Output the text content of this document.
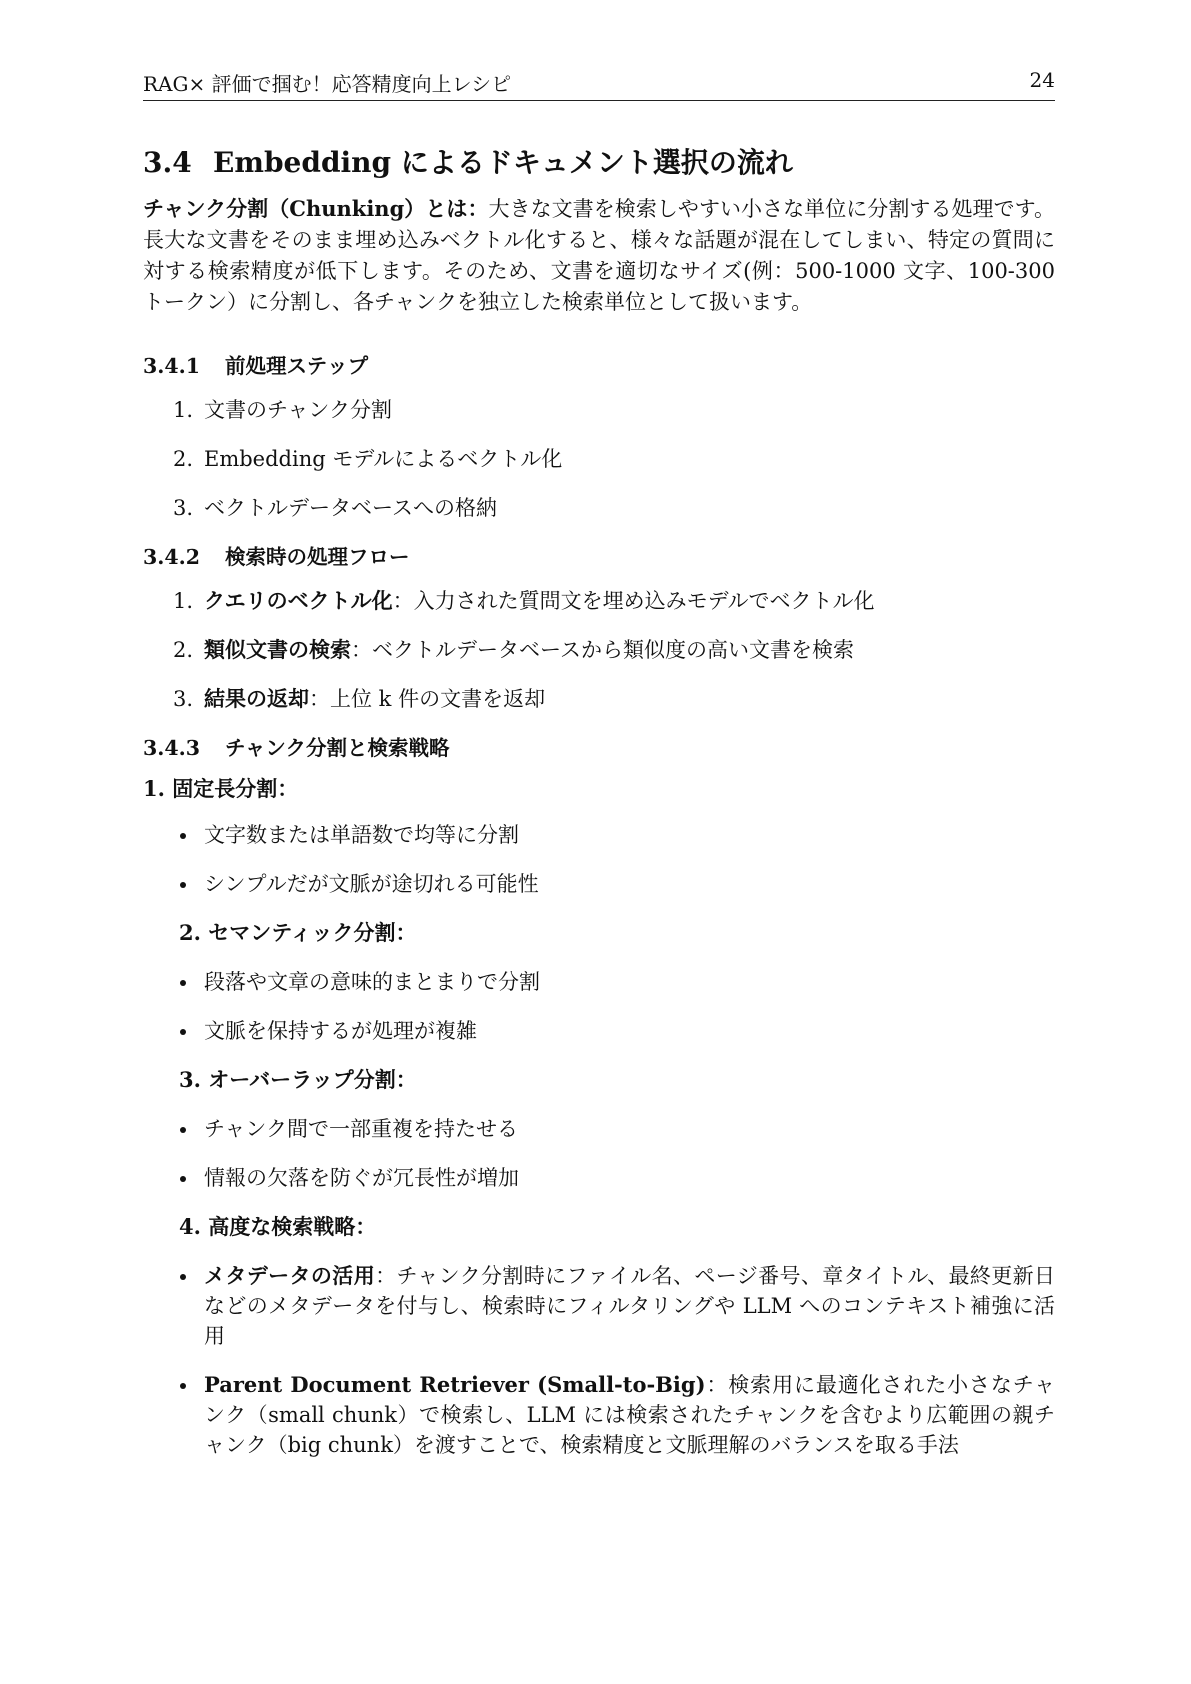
RAG× 評価で掴む！応答精度向上レシピ	24
3.4 Embedding によるドキュメント選択の流れ

チャンク分割（Chunking）とは：大きな文書を検索しやすい小さな単位に分割する処理です。長大な文書をそのまま埋め込みベクトル化すると、様々な話題が混在してしまい、特定の質問に対する検索精度が低下します。そのため、文書を適切なサイズ(例：500-1000 文字、100-300 トークン）に分割し、各チャンクを独立した検索単位として扱います。

3.4.1 前処理ステップ
1. 文書のチャンク分割
2. Embedding モデルによるベクトル化
3. ベクトルデータベースへの格納
3.4.2 検索時の処理フロー
1. クエリのベクトル化：入力された質問文を埋め込みモデルでベクトル化
2. 類似文書の検索：ベクトルデータベースから類似度の高い文書を検索
3. 結果の返却：上位 k 件の文書を返却
3.4.3 チャンク分割と検索戦略
1. 固定長分割：
文字数または単語数で均等に分割
シンプルだが文脈が途切れる可能性
2. セマンティック分割：
段落や文章の意味的まとまりで分割
文脈を保持するが処理が複雑
3. オーバーラップ分割：
チャンク間で一部重複を持たせる
情報の欠落を防ぐが冗長性が増加
4. 高度な検索戦略：
メタデータの活用：チャンク分割時にファイル名、ページ番号、章タイトル、最終更新日などのメタデータを付与し、検索時にフィルタリングや LLM へのコンテキスト補強に活用
Parent Document Retriever (Small-to-Big)：検索用に最適化された小さなチャンク（small chunk）で検索し、LLM には検索されたチャンクを含むより広範囲の親チャンク（big chunk）を渡すことで、検索精度と文脈理解のバランスを取る手法
